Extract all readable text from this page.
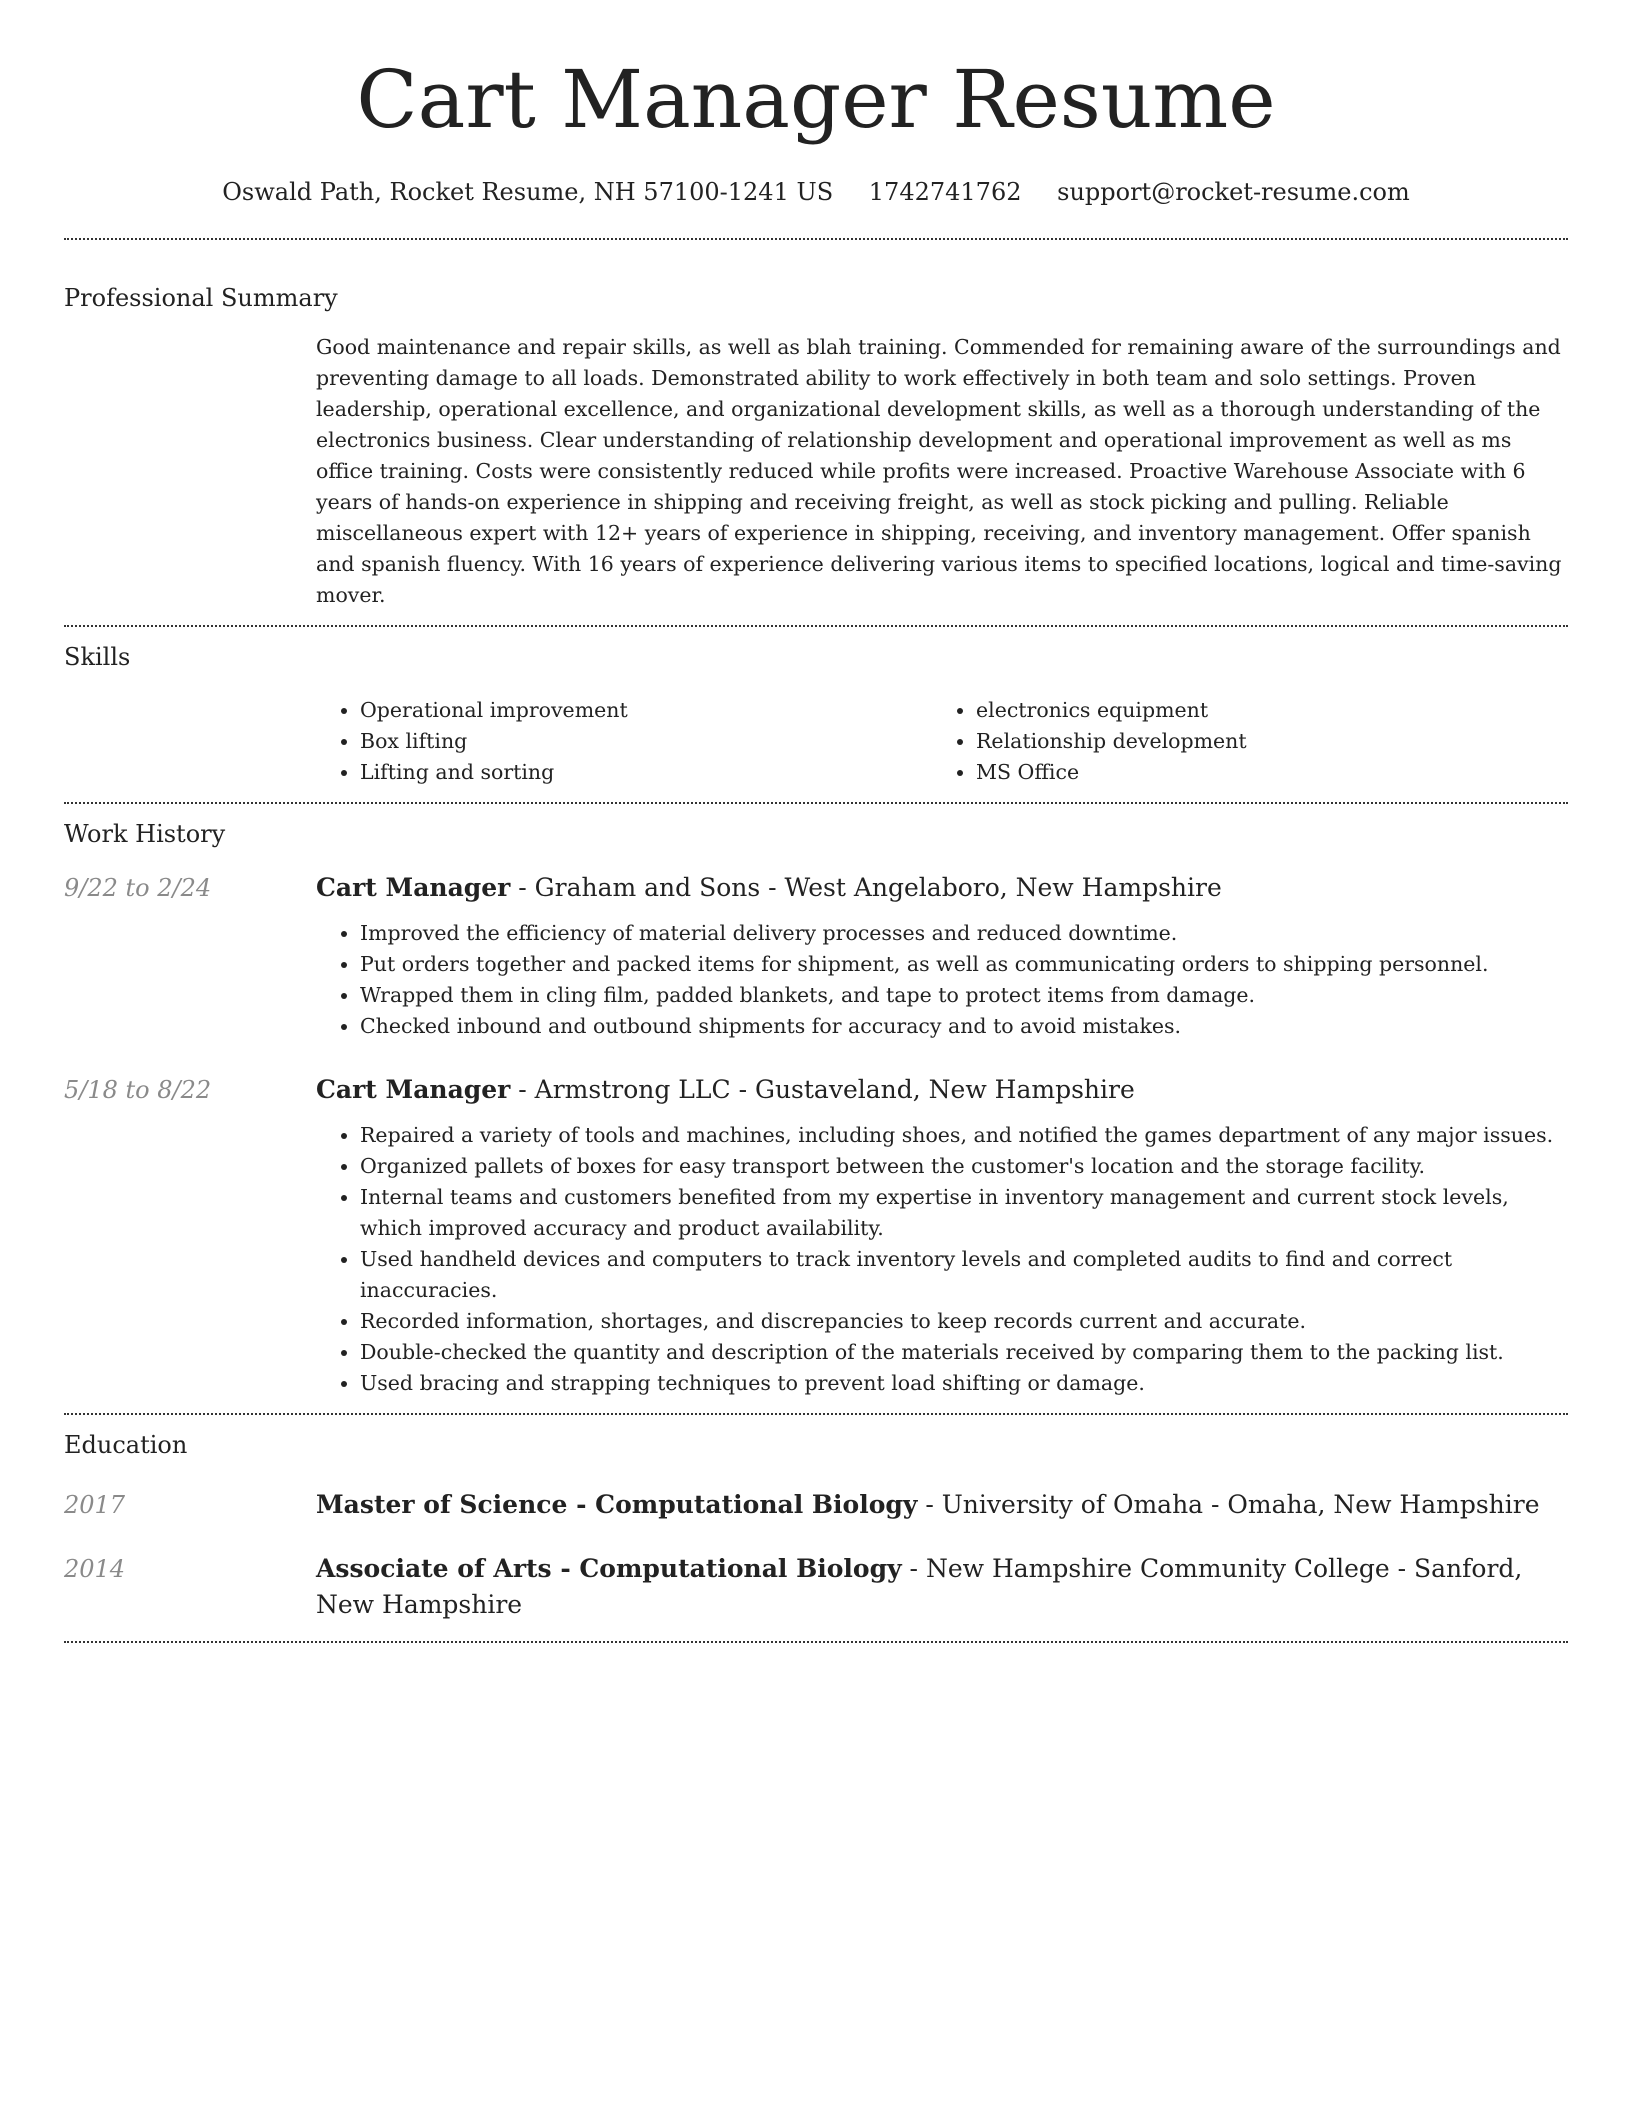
Cart Manager Resume
Oswald Path, Rocket Resume, NH 57100-1241 US 1742741762 support@rocket-resume.com
Professional Summary

Good maintenance and repair skills, as well as blah training. Commended for remaining aware of the surroundings and preventing damage to all loads. Demonstrated ability to work effectively in both team and solo settings. Proven leadership, operational excellence, and organizational development skills, as well as a thorough understanding of the electronics business. Clear understanding of relationship development and operational improvement as well as ms office training. Costs were consistently reduced while profits were increased. Proactive Warehouse Associate with 6 years of hands-on experience in shipping and receiving freight, as well as stock picking and pulling. Reliable miscellaneous expert with 12+ years of experience in shipping, receiving, and inventory management. Offer spanish and spanish fluency. With 16 years of experience delivering various items to specified locations, logical and time-saving mover.

Skills
• Operational improvement
• Box lifting
• Lifting and sorting
• electronics equipment
• Relationship development
• MS Office
Work History
9/22 to 2/24	Cart Manager - Graham and Sons - West Angelaboro, New Hampshire
• Improved the efficiency of material delivery processes and reduced downtime.
• Put orders together and packed items for shipment, as well as communicating orders to shipping personnel.
• Wrapped them in cling film, padded blankets, and tape to protect items from damage.
• Checked inbound and outbound shipments for accuracy and to avoid mistakes.
5/18 to 8/22	Cart Manager - Armstrong LLC - Gustaveland, New Hampshire
• Repaired a variety of tools and machines, including shoes, and notified the games department of any major issues.
• Organized pallets of boxes for easy transport between the customer's location and the storage facility.
• Internal teams and customers benefited from my expertise in inventory management and current stock levels, which improved accuracy and product availability.
• Used handheld devices and computers to track inventory levels and completed audits to find and correct inaccuracies.
• Recorded information, shortages, and discrepancies to keep records current and accurate.
• Double-checked the quantity and description of the materials received by comparing them to the packing list.
• Used bracing and strapping techniques to prevent load shifting or damage.
Education
2017	Master of Science - Computational Biology - University of Omaha - Omaha, New Hampshire
2014	Associate of Arts - Computational Biology - New Hampshire Community College - Sanford, New Hampshire
